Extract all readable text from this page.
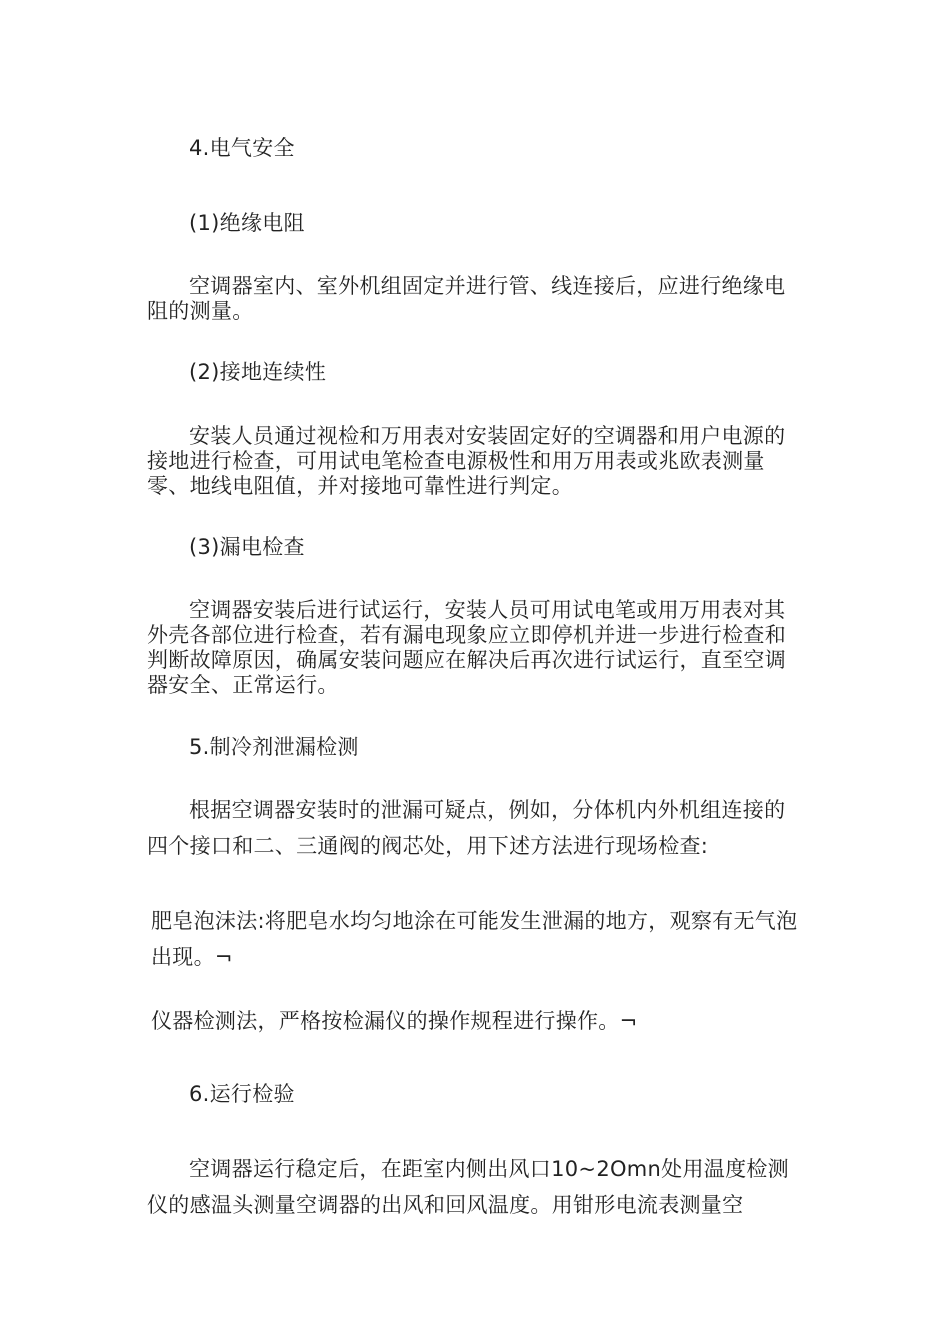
4.电气安全

(1)绝缘电阻

空调器室内、室外机组固定并进行管、线连接后，应进行绝缘电阻的测量。

(2)接地连续性

安装人员通过视检和万用表对安装固定好的空调器和用户电源的接地进行检查，可用试电笔检查电源极性和用万用表或兆欧表测量零、地线电阻值，并对接地可靠性进行判定。

(3)漏电检查

空调器安装后进行试运行，安装人员可用试电笔或用万用表对其外壳各部位进行检查，若有漏电现象应立即停机并进一步进行检查和判断故障原因，确属安装问题应在解决后再次进行试运行，直至空调器安全、正常运行。

5.制冷剂泄漏检测

根据空调器安装时的泄漏可疑点，例如，分体机内外机组连接的四个接口和二、三通阀的阀芯处，用下述方法进行现场检查:

肥皂泡沫法:将肥皂水均匀地涂在可能发生泄漏的地方，观察有无气泡出现。¬

仪器检测法，严格按检漏仪的操作规程进行操作。¬

6.运行检验

空调器运行稳定后，在距室内侧出风口10~2Omn处用温度检测仪的感温头测量空调器的出风和回风温度。用钳形电流表测量空
